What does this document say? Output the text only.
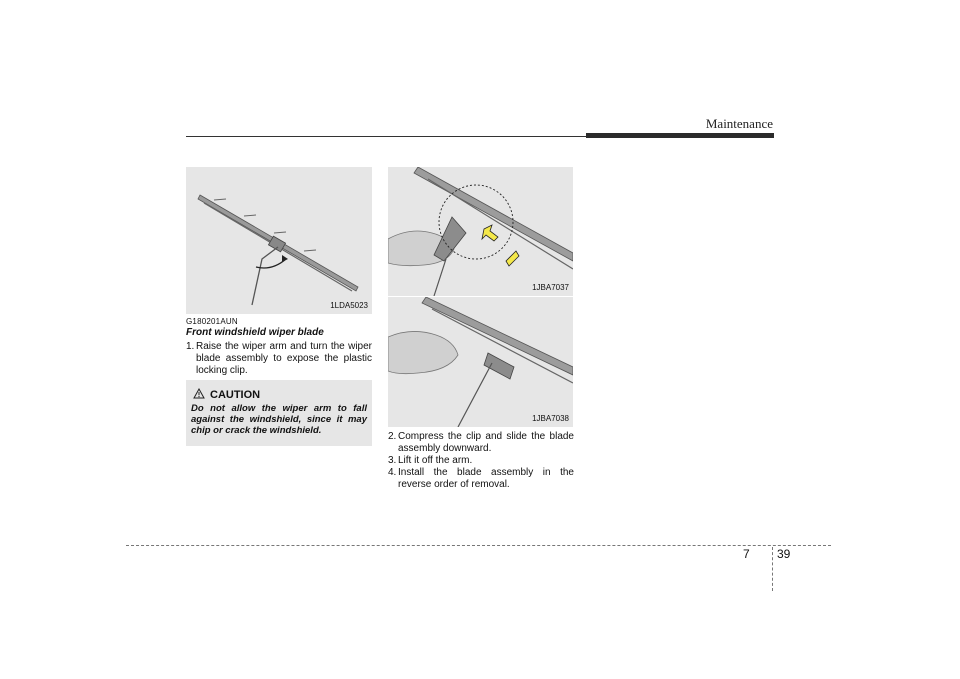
Maintenance
1LDA5023
G180201AUN
Front windshield wiper blade
1. Raise the wiper arm and turn the wiper blade assembly to expose the plastic locking clip.
CAUTION
Do not allow the wiper arm to fall against the windshield, since it may chip or crack the windshield.
1JBA7037
1JBA7038
2. Compress the clip and slide the blade assembly downward.
3. Lift it off the arm.
4. Install the blade assembly in the reverse order of removal.
7 39
